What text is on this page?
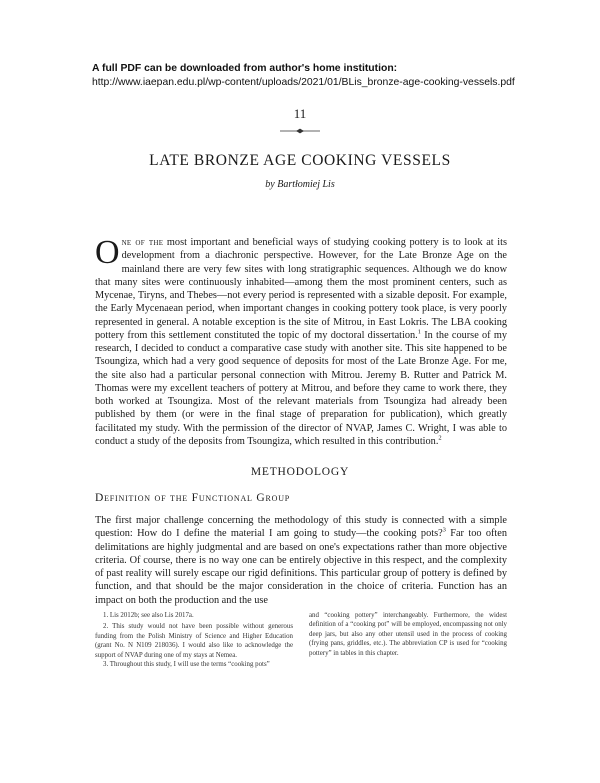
A full PDF can be downloaded from author's home institution:
http://www.iaepan.edu.pl/wp-content/uploads/2021/01/BLis_bronze-age-cooking-vessels.pdf
11
LATE BRONZE AGE COOKING VESSELS
by Bartłomiej Lis
One of the most important and beneficial ways of studying cooking pottery is to look at its development from a diachronic perspective. However, for the Late Bronze Age on the mainland there are very few sites with long stratigraphic sequences. Although we do know that many sites were continuously inhabited—among them the most prominent centers, such as Mycenae, Tiryns, and Thebes—not every period is represented with a sizable deposit. For example, the Early Mycenaean period, when important changes in cooking pottery took place, is very poorly represented in general. A notable exception is the site of Mitrou, in East Lokris. The LBA cooking pottery from this settlement constituted the topic of my doctoral dissertation.$^1$ In the course of my research, I decided to conduct a comparative case study with another site. This site happened to be Tsoungiza, which had a very good sequence of deposits for most of the Late Bronze Age. For me, the site also had a particular personal connection with Mitrou. Jeremy B. Rutter and Patrick M. Thomas were my excellent teachers of pottery at Mitrou, and before they came to work there, they both worked at Tsoungiza. Most of the relevant materials from Tsoungiza had already been published by them (or were in the final stage of preparation for publication), which greatly facilitated my study. With the permission of the director of NVAP, James C. Wright, I was able to conduct a study of the deposits from Tsoungiza, which resulted in this contribution.$^2$
METHODOLOGY
Definition of the Functional Group
The first major challenge concerning the methodology of this study is connected with a simple question: How do I define the material I am going to study—the cooking pots?$^3$ Far too often delimitations are highly judgmental and are based on one's expectations rather than more objective criteria. Of course, there is no way one can be entirely objective in this respect, and the complexity of past reality will surely escape our rigid definitions. This particular group of pottery is defined by function, and that should be the major consideration in the choice of criteria. Function has an impact on both the production and the use

1. Lis 2012b; see also Lis 2017a.

2. This study would not have been possible without generous funding from the Polish Ministry of Science and Higher Education (grant No. N N109 218036). I would also like to acknowledge the support of NVAP during one of my stays at Nemea.

3. Throughout this study, I will use the terms “cooking pots”

and “cooking pottery” interchangeably. Furthermore, the widest definition of a “cooking pot” will be employed, encompassing not only deep jars, but also any other utensil used in the process of cooking (frying pans, griddles, etc.). The abbreviation CP is used for “cooking pottery” in tables in this chapter.
